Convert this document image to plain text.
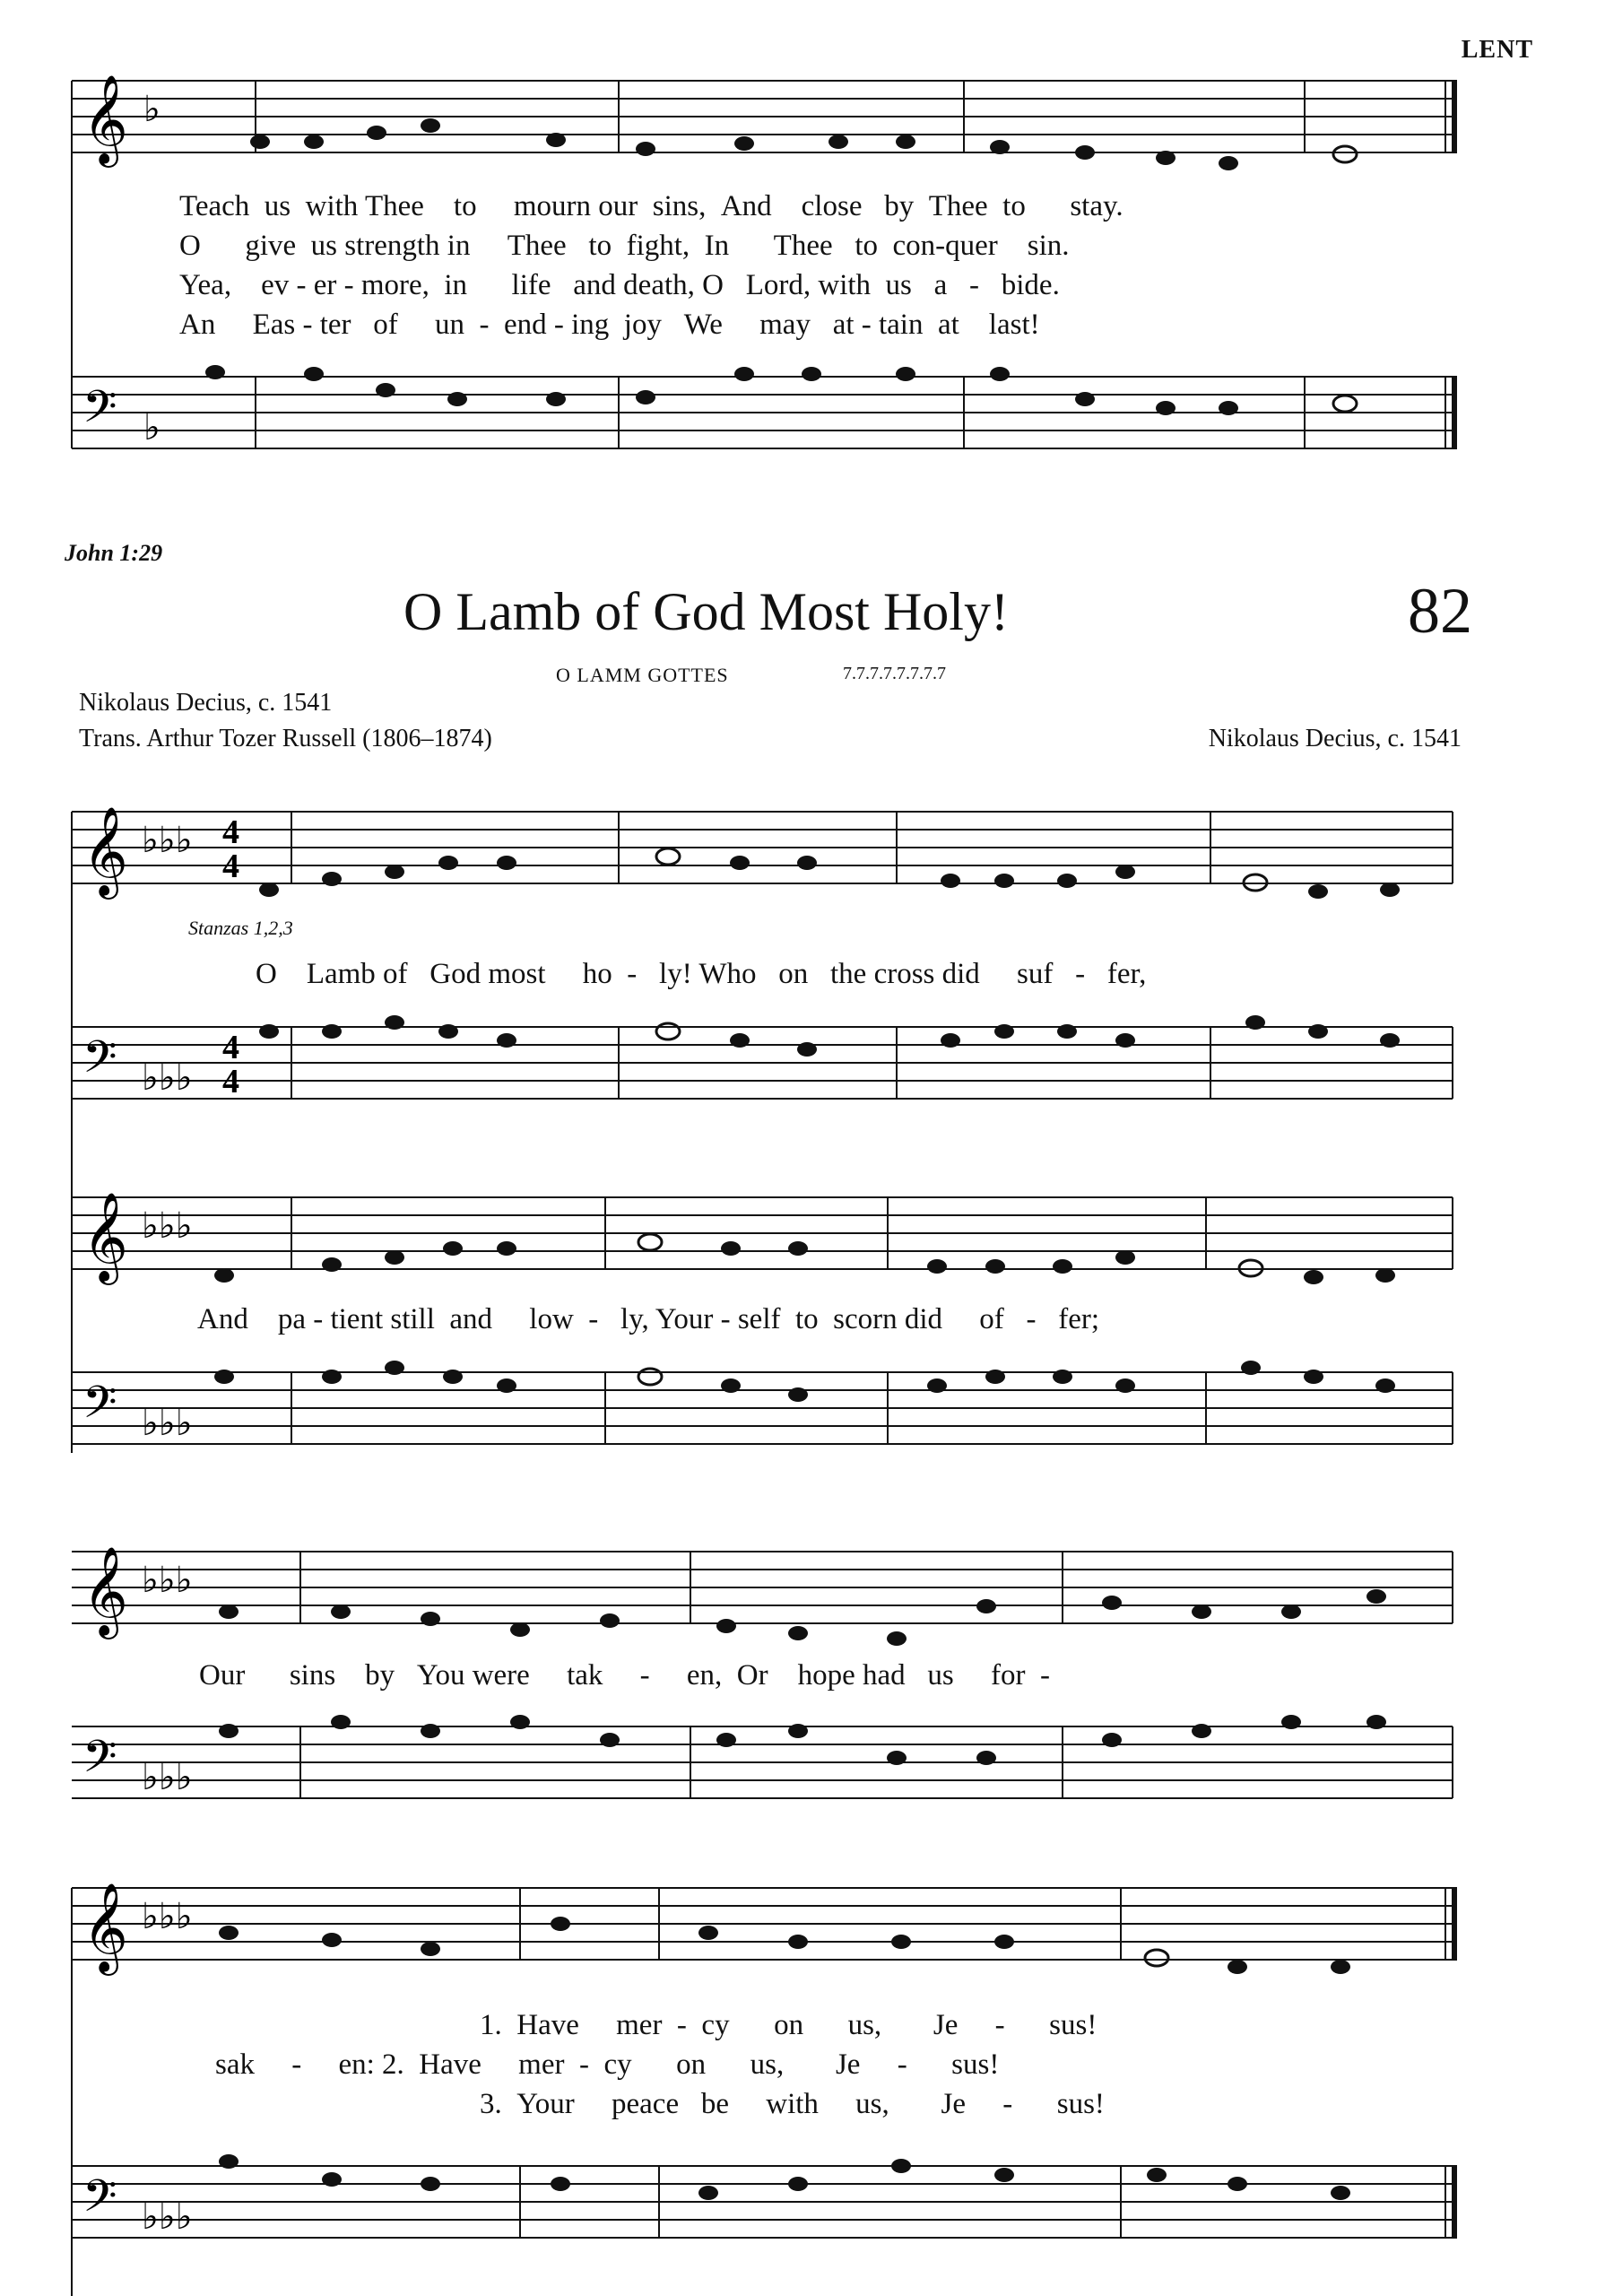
LENT
𝄞 ♭
Teach  us  with Thee    to     mourn our  sins,  And    close   by  Thee  to      stay.
O      give  us strength in     Thee   to  fight,  In      Thee   to  con-quer    sin.
Yea,    ev - er - more,  in      life   and death, O   Lord, with  us   a   -   bide.
An     Eas - ter   of     un  -  end - ing  joy   We     may   at - tain  at    last!
𝄢 ♭
John 1:29
O Lamb of God Most Holy!	82
O LAMM GOTTES	7.7.7.7.7.7.7.7
Nikolaus Decius, c. 1541
Trans. Arthur Tozer Russell (1806–1874)	Nikolaus Decius, c. 1541
𝄞 ♭♭♭ 4
4
Stanzas 1,2,3
O    Lamb of   God most     ho  -   ly! Who   on   the cross did     suf   -   fer,
𝄢 ♭♭♭
4
4
𝄞 ♭♭♭
And    pa - tient still  and     low  -   ly, Your - self  to  scorn did     of   -   fer;
𝄢 ♭♭♭
𝄞 ♭♭♭
Our      sins    by   You were     tak     -     en,  Or    hope had   us     for  -
𝄢 ♭♭♭
𝄞 ♭♭♭
1.  Have     mer  -  cy      on      us,       Je     -      sus!
sak     -     en: 2.  Have     mer  -  cy      on      us,       Je     -      sus!
3.  Your     peace   be     with     us,       Je     -      sus!
𝄢 ♭♭♭
